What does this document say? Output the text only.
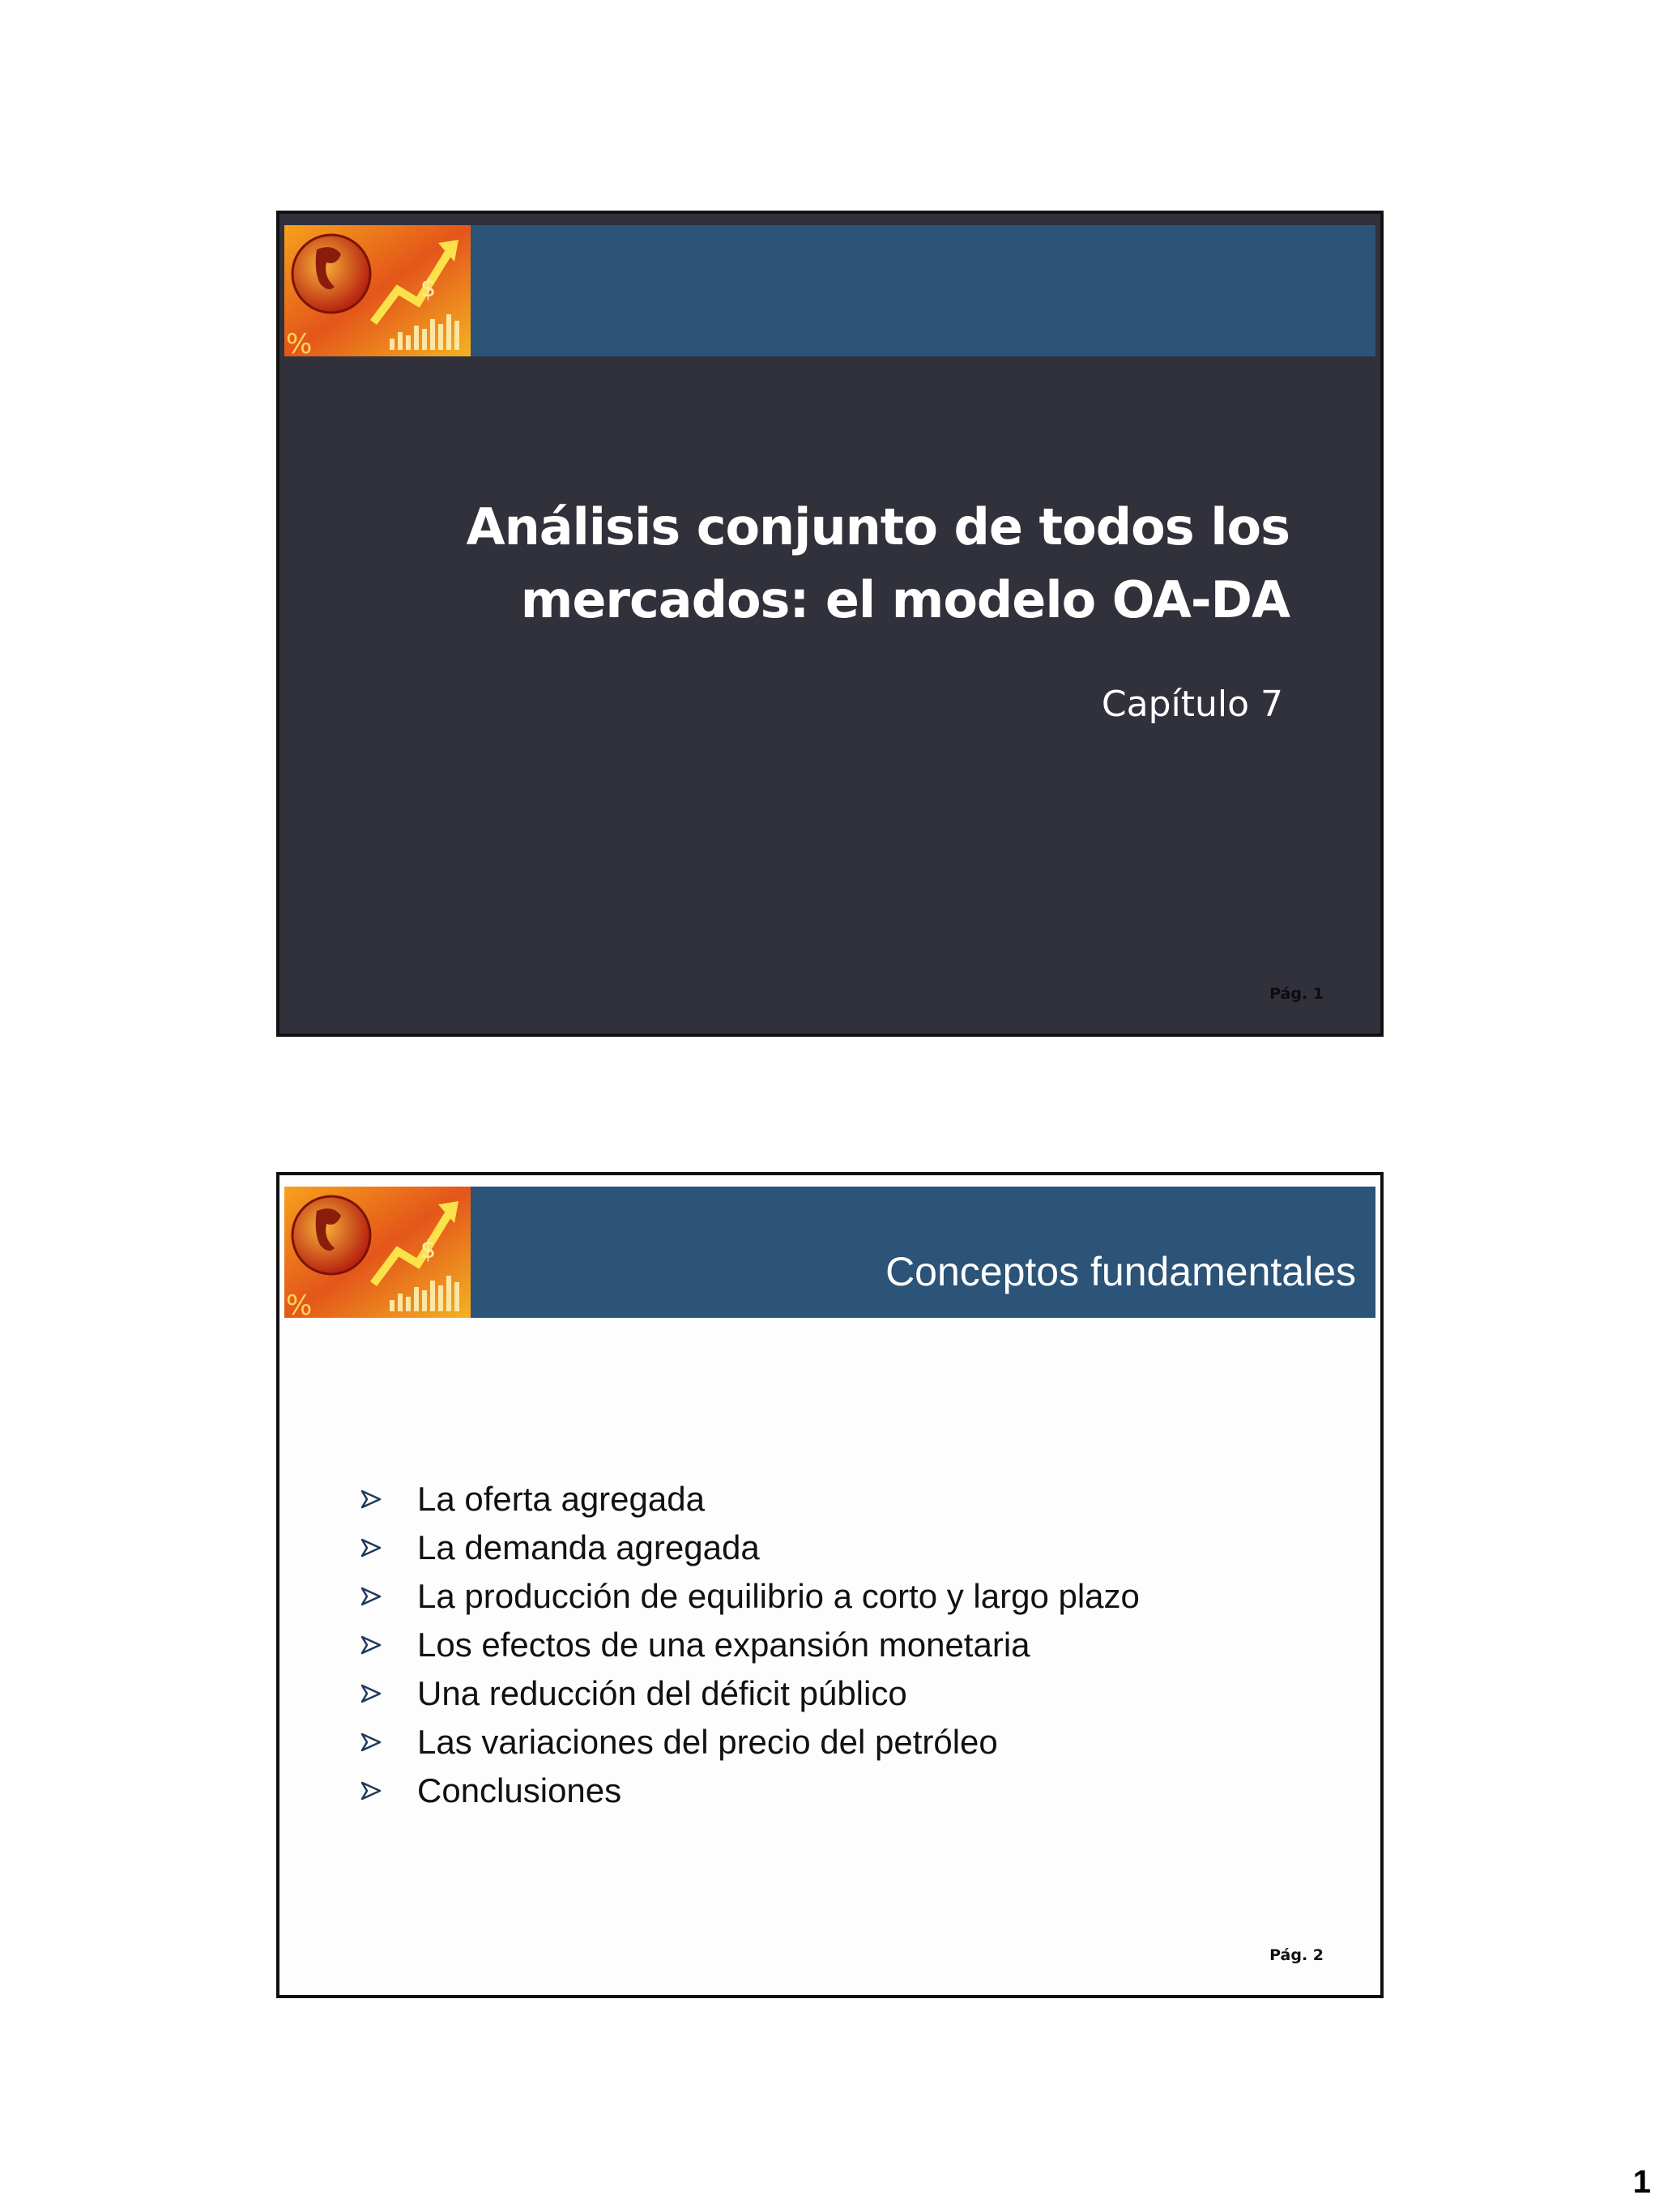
$
%
Análisis conjunto de todos los
mercados: el modelo OA-DA
Capítulo 7
Pág. 1
$
%
Conceptos fundamentales
La oferta agregada
La demanda agregada
La producción de equilibrio a corto y largo plazo
Los efectos de una expansión monetaria
Una reducción del déficit público
Las variaciones del precio del petróleo
Conclusiones
Pág. 2
1
